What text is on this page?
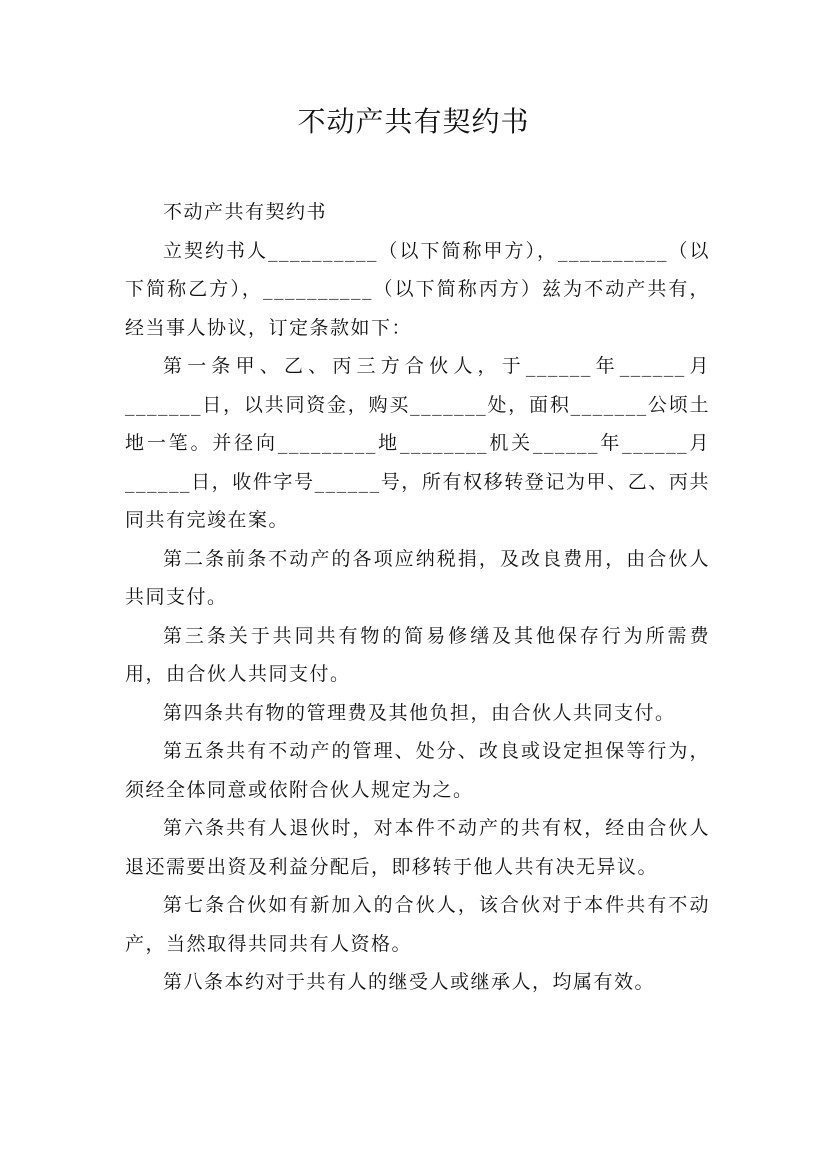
不动产共有契约书

不动产共有契约书

立契约书人__________（以下简称甲方），__________（以下简称乙方），__________（以下简称丙方）兹为不动产共有，经当事人协议，订定条款如下：

第一条甲、乙、丙三方合伙人，于______年______月_______日，以共同资金，购买_______处，面积_______公顷土地一笔。并径向_________地________机关______年______月______日，收件字号______号，所有权移转登记为甲、乙、丙共同共有完竣在案。

第二条前条不动产的各项应纳税捐，及改良费用，由合伙人共同支付。

第三条关于共同共有物的简易修缮及其他保存行为所需费用，由合伙人共同支付。

第四条共有物的管理费及其他负担，由合伙人共同支付。

第五条共有不动产的管理、处分、改良或设定担保等行为，须经全体同意或依附合伙人规定为之。

第六条共有人退伙时，对本件不动产的共有权，经由合伙人退还需要出资及利益分配后，即移转于他人共有决无异议。

第七条合伙如有新加入的合伙人，该合伙对于本件共有不动产，当然取得共同共有人资格。

第八条本约对于共有人的继受人或继承人，均属有效。
